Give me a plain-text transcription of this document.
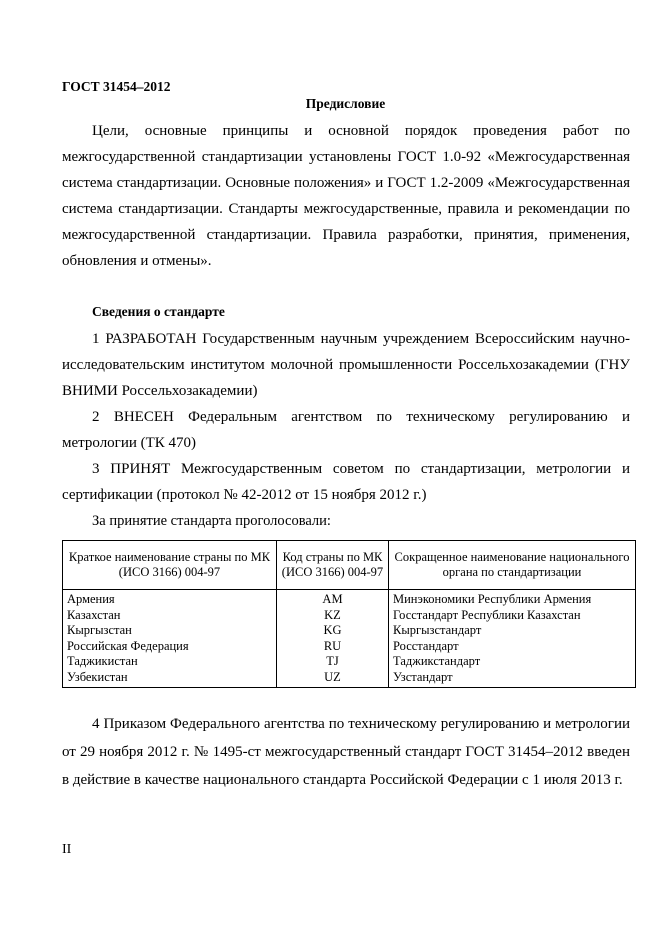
ГОСТ 31454–2012
Предисловие
Цели, основные принципы и основной порядок проведения работ по межгосударственной стандартизации установлены ГОСТ 1.0-92 «Межгосударственная система стандартизации. Основные положения» и ГОСТ 1.2-2009 «Межгосударственная система стандартизации. Стандарты межгосударственные, правила и рекомендации по межгосударственной стандартизации. Правила разработки, принятия, применения, обновления и отмены».
Сведения о стандарте
1 РАЗРАБОТАН Государственным научным учреждением Всероссийским научно-исследовательским институтом молочной промышленности Россельхозакадемии (ГНУ ВНИМИ Россельхозакадемии)
2 ВНЕСЕН Федеральным агентством по техническому регулированию и метрологии (ТК 470)
3 ПРИНЯТ Межгосударственным советом по стандартизации, метрологии и сертификации (протокол № 42-2012 от 15 ноября 2012 г.)
За принятие стандарта проголосовали:
Краткое наименование страны по МК (ИСО 3166) 004-97	Код страны по МК (ИСО 3166) 004-97	Сокращенное наименование национального органа по стандартизации
Армения	AM	Минэкономики Республики Армения
Казахстан	KZ	Госстандарт Республики Казахстан
Кыргызстан	KG	Кыргызстандарт
Российская Федерация	RU	Росстандарт
Таджикистан	TJ	Таджикстандарт
Узбекистан	UZ	Узстандарт
4 Приказом Федерального агентства по техническому регулированию и метрологии от 29 ноября 2012 г. № 1495-ст межгосударственный стандарт ГОСТ 31454–2012 введен в действие в качестве национального стандарта Российской Федерации с 1 июля 2013 г.
II
